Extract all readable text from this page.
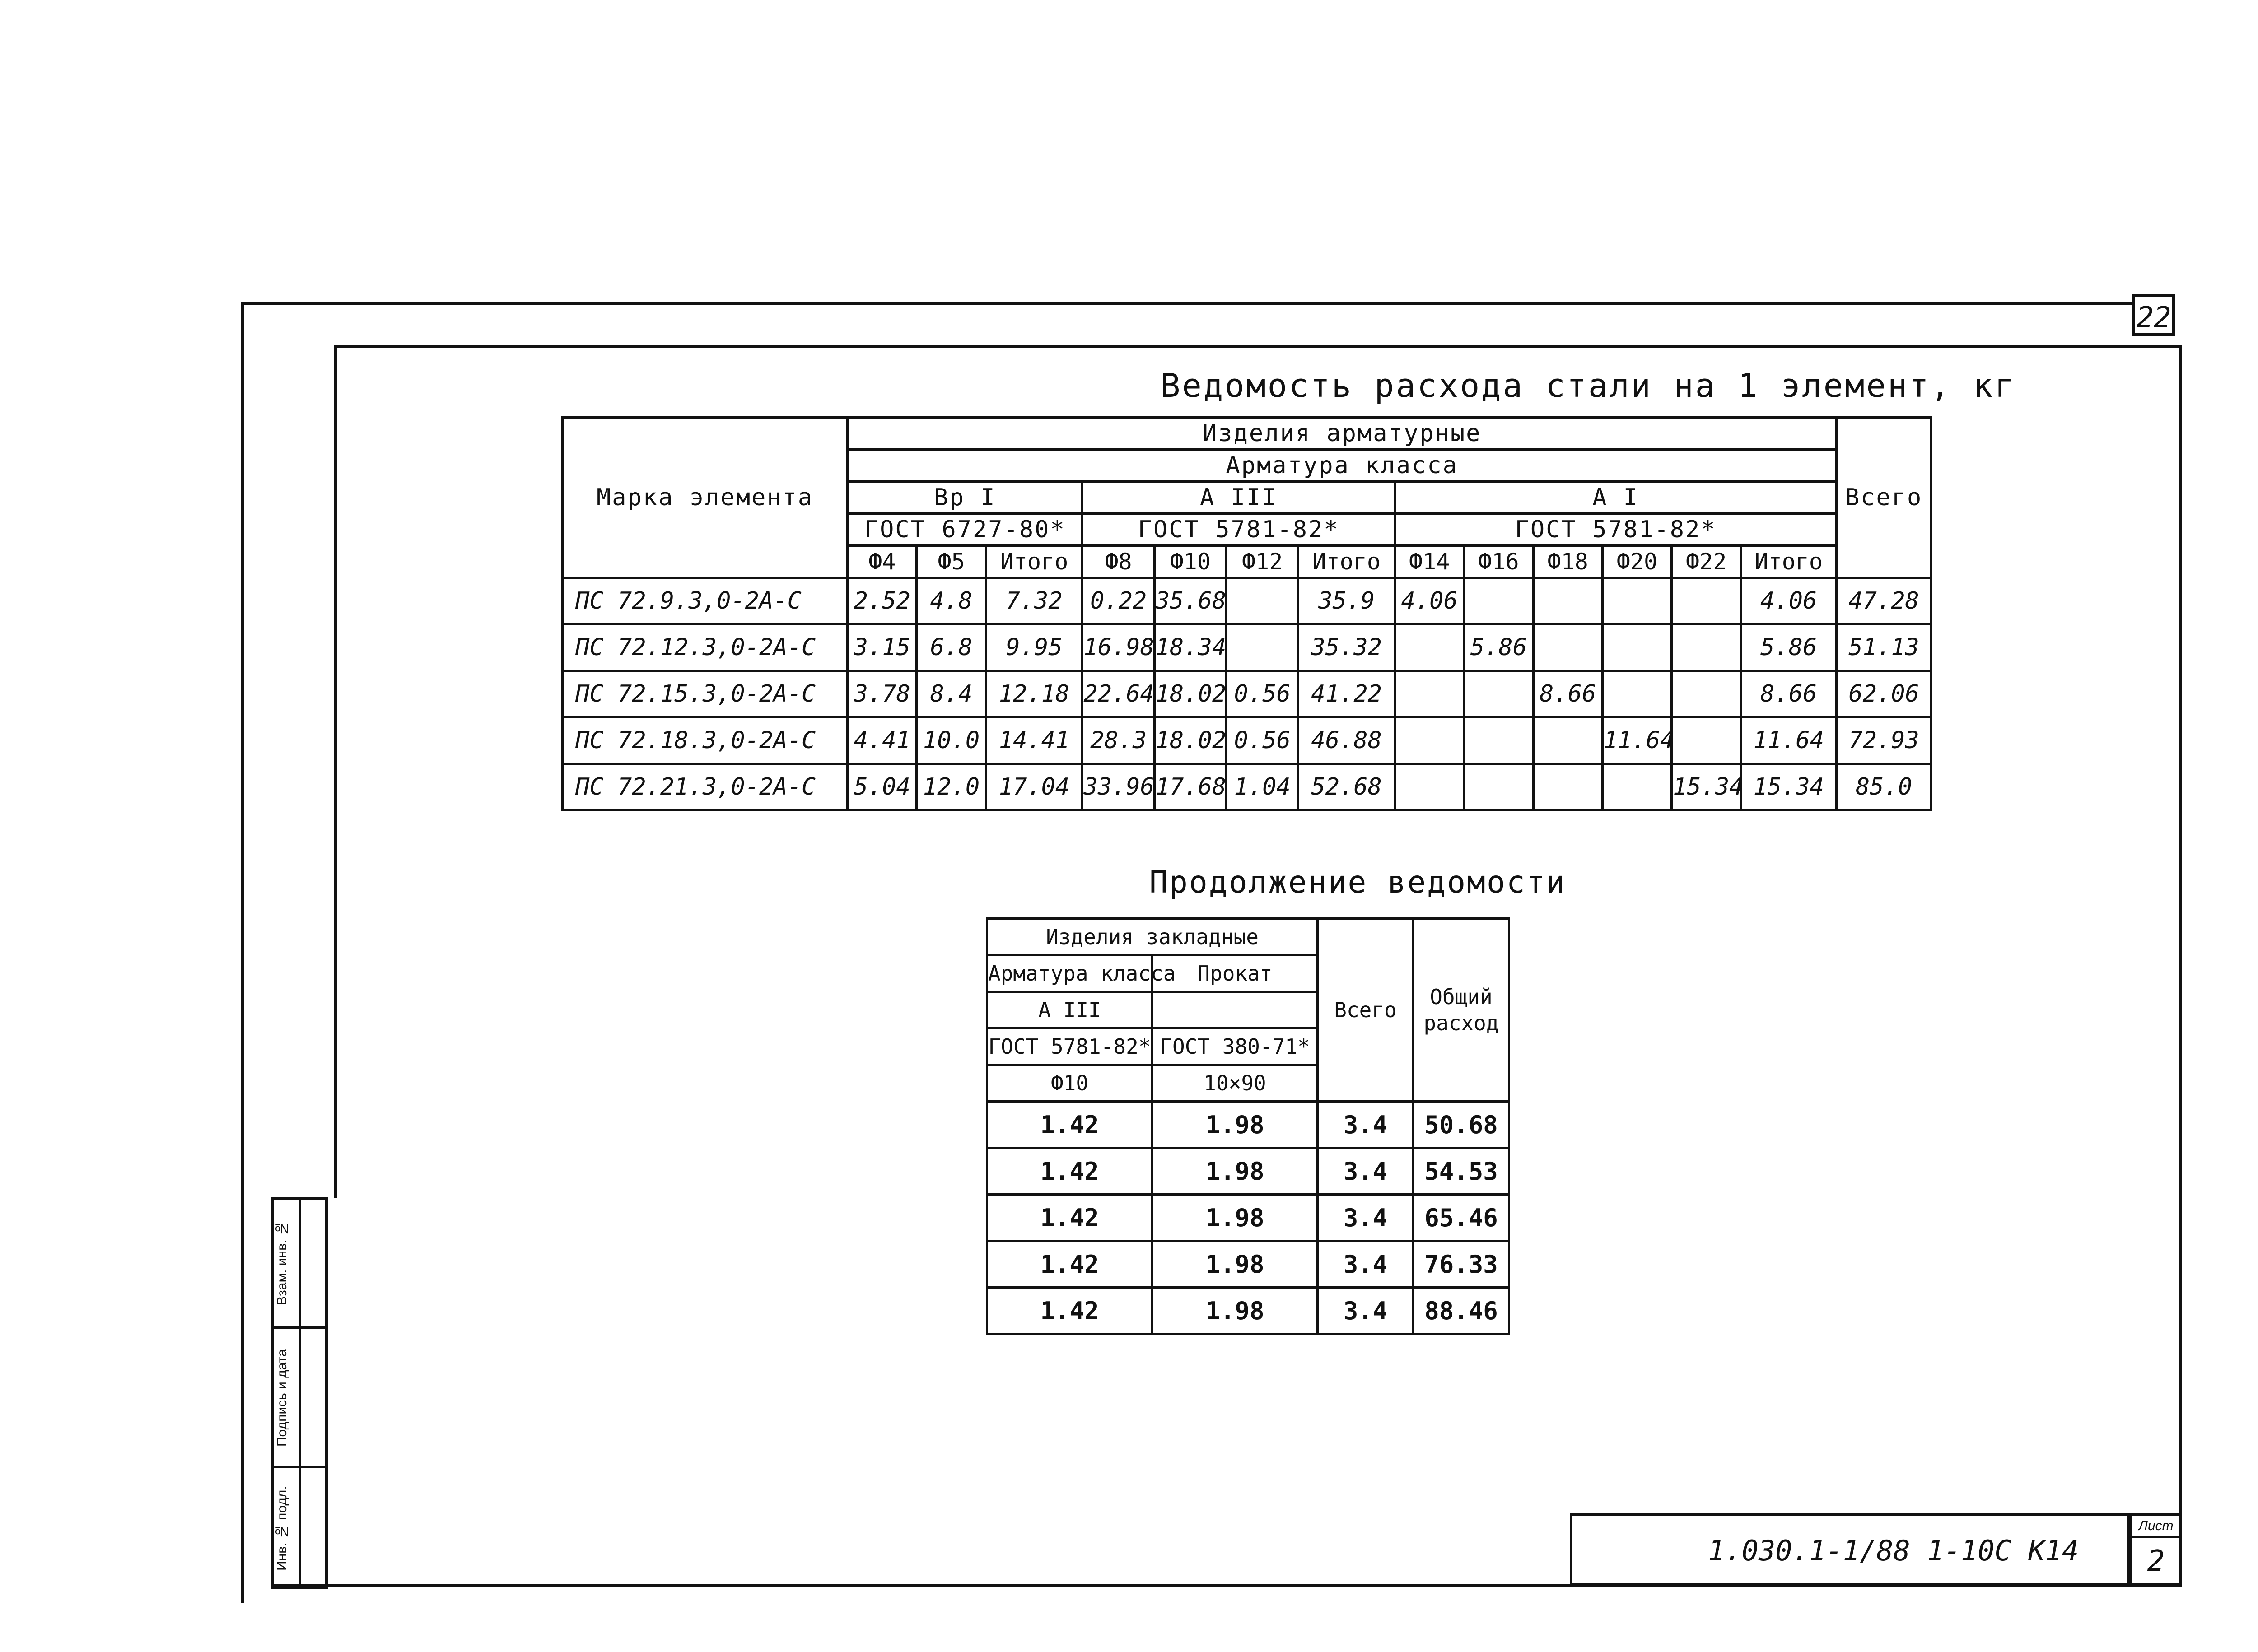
22
Ведомость расхода стали на 1 элемент, кг
Марка элемента	Изделия арматурные													Всего
	Арматура класса													
	Вр I			А III				А I						
	ГОСТ 6727-80*			ГОСТ 5781-82*				ГОСТ 5781-82*						
	Ф4	Ф5	Итого	Ф8	Ф10	Ф12	Итого	Ф14	Ф16	Ф18	Ф20	Ф22	Итого	
ПС 72.9.3,0-2А-С	2.52	4.8	7.32	0.22	35.68		35.9	4.06					4.06	47.28
ПС 72.12.3,0-2А-С	3.15	6.8	9.95	16.98	18.34		35.32		5.86				5.86	51.13
ПС 72.15.3,0-2А-С	3.78	8.4	12.18	22.64	18.02	0.56	41.22			8.66			8.66	62.06
ПС 72.18.3,0-2А-С	4.41	10.0	14.41	28.3	18.02	0.56	46.88				11.64		11.64	72.93
ПС 72.21.3,0-2А-С	5.04	12.0	17.04	33.96	17.68	1.04	52.68					15.34	15.34	85.0
Продолжение ведомости
Изделия закладные		Всего	Общий расход
Арматура класса	Прокат		
А III			
ГОСТ 5781-82*	ГОСТ 380-71*		
Ф10	10×90		
1.42	1.98	3.4	50.68
1.42	1.98	3.4	54.53
1.42	1.98	3.4	65.46
1.42	1.98	3.4	76.33
1.42	1.98	3.4	88.46
Взам. инв. №
Подпись и дата
Инв. № подл.	1.030.1-1/88 1-10С К14
Лист
2
